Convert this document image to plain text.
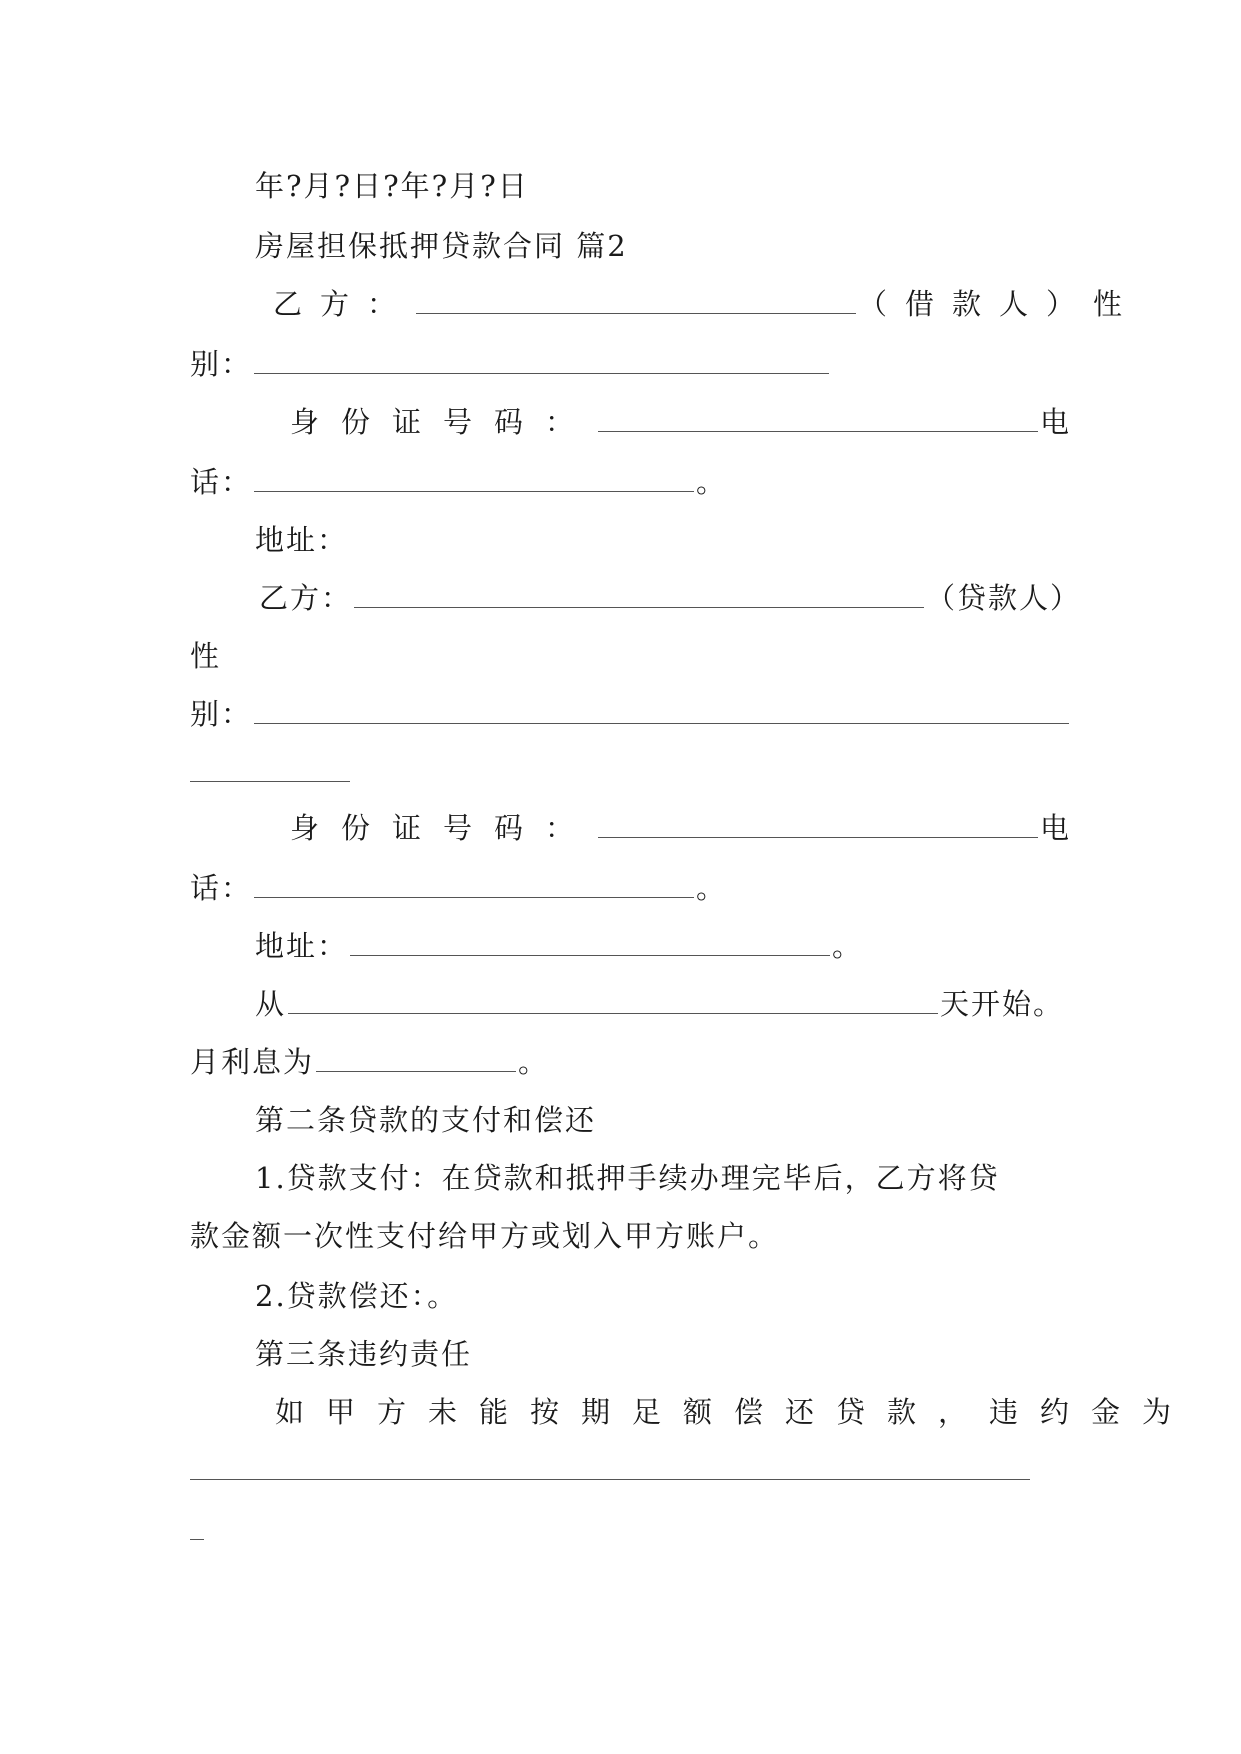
年?月?日?年?月?日
房屋担保抵押贷款合同 篇2
乙方：	（借款人）性
别：
身份证号码：	电
话：	。
地址：
乙方：	（贷款人）
性
别：
身份证号码：	电
话：	。
地址：	。
从	天开始。
月利息为	。
第二条贷款的支付和偿还
1.贷款支付：在贷款和抵押手续办理完毕后，乙方将贷
款金额一次性支付给甲方或划入甲方账户。
2.贷款偿还：。
第三条违约责任
如甲方未能按期足额偿还贷款，违约金为
